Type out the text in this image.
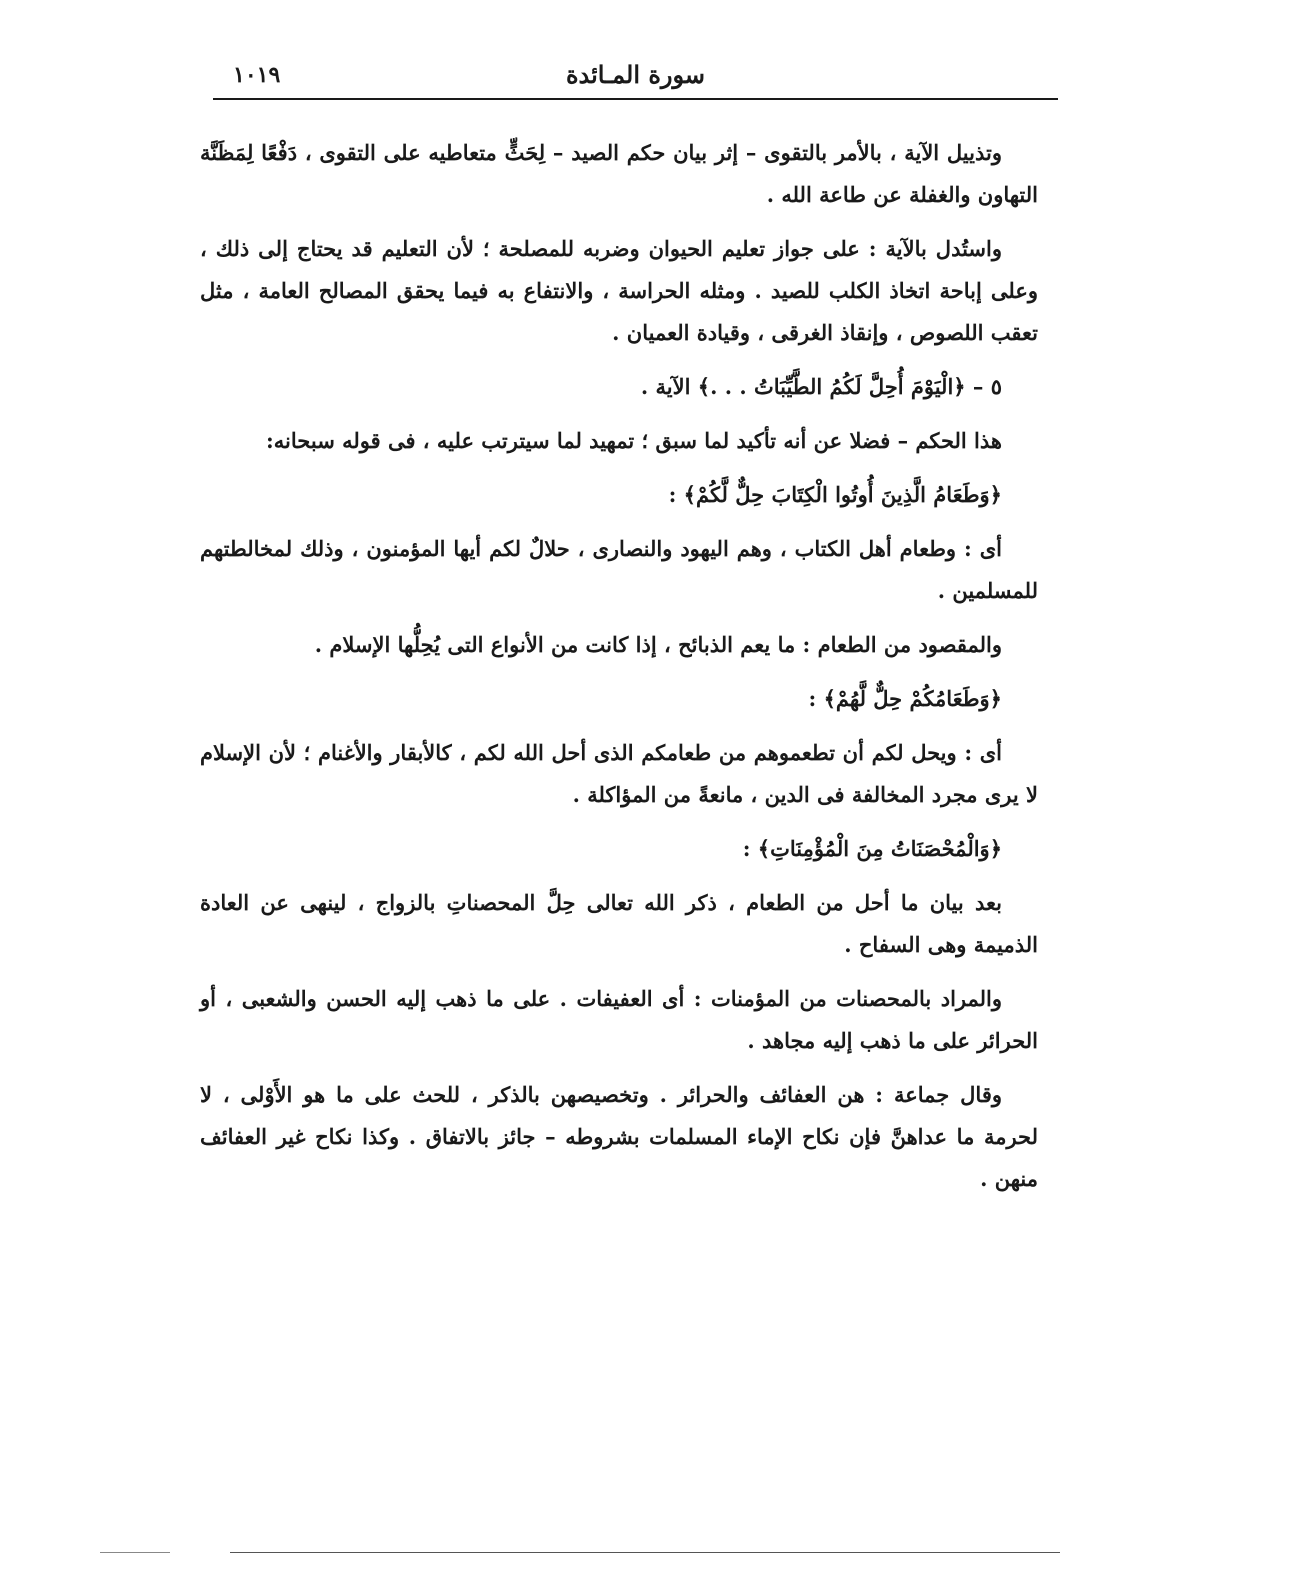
سورة المـائدة
١٠١٩

وتذييل الآية ، بالأمر بالتقوى – إثر بيان حكم الصيد – لِحَثٍّ متعاطيه على التقوى ، دَفْعًا لِمَظَنَّة التهاون والغفلة عن طاعة الله .

واستُدل بالآية : على جواز تعليم الحيوان وضربه للمصلحة ؛ لأن التعليم قد يحتاج إلى ذلك ، وعلى إباحة اتخاذ الكلب للصيد . ومثله الحراسة ، والانتفاع به فيما يحقق المصالح العامة ، مثل تعقب اللصوص ، وإنقاذ الغرقى ، وقيادة العميان .

٥ – ﴿الْيَوْمَ أُحِلَّ لَكُمُ الطَّيِّبَاتُ . . .﴾ الآية .

هذا الحكم – فضلا عن أنه تأكيد لما سبق ؛ تمهيد لما سيترتب عليه ، فى قوله سبحانه:

﴿وَطَعَامُ الَّذِينَ أُوتُوا الْكِتَابَ حِلٌّ لَّكُمْ﴾ :

أى : وطعام أهل الكتاب ، وهم اليهود والنصارى ، حلالٌ لكم أيها المؤمنون ، وذلك لمخالطتهم للمسلمين .

والمقصود من الطعام : ما يعم الذبائح ، إذا كانت من الأنواع التى يُحِلُّها الإسلام .

﴿وَطَعَامُكُمْ حِلٌّ لَّهُمْ﴾ :

أى : ويحل لكم أن تطعموهم من طعامكم الذى أحل الله لكم ، كالأبقار والأغنام ؛ لأن الإسلام لا يرى مجرد المخالفة فى الدين ، مانعةً من المؤاكلة .

﴿وَالْمُحْصَنَاتُ مِنَ الْمُؤْمِنَاتِ﴾ :

بعد بيان ما أحل من الطعام ، ذكر الله تعالى حِلَّ المحصناتِ بالزواج ، لينهى عن العادة الذميمة وهى السفاح .

والمراد بالمحصنات من المؤمنات : أى العفيفات . على ما ذهب إليه الحسن والشعبى ، أو الحرائر على ما ذهب إليه مجاهد .

وقال جماعة : هن العفائف والحرائر . وتخصيصهن بالذكر ، للحث على ما هو الأَوْلى ، لا لحرمة ما عداهنَّ فإن نكاح الإماء المسلمات بشروطه – جائز بالاتفاق . وكذا نكاح غير العفائف منهن .
